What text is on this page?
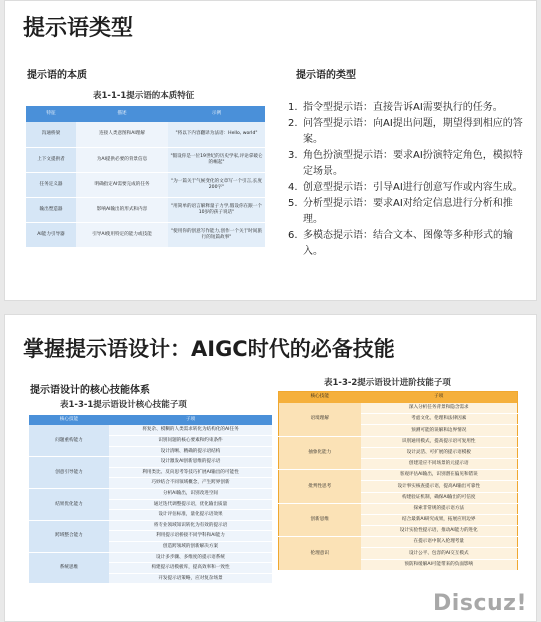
提示语类型
提示语的本质
表1-1-1提示语的本质特征
特征	描述	示例
沟通桥梁	连接人类意图和AI理解	"将以下内容翻译为法语：Hello, world"
上下文提供者	为AI提供必要的背景信息	"假设你是一位19世纪的历史学家,评论拿破仑的崛起"
任务定义器	明确指定AI需要完成的任务	"为一篇关于气候变化的文章写一个引言,长度200字"
输出塑造器	影响AI输出的形式和内容	"用简单的语言解释量子力学,假设你在跟一个10岁的孩子说话"
AI能力引导器	引导AI使用特定的能力或技能	"使用你的创意写作能力,创作一个关于时间旅行的短篇故事"
提示语的类型
1. 指令型提示语：直接告诉AI需要执行的任务。
2. 问答型提示语：向AI提出问题，期望得到相应的答案。
3. 角色扮演型提示语：要求AI扮演特定角色，模拟特定场景。
4. 创意型提示语：引导AI进行创意写作或内容生成。
5. 分析型提示语：要求AI对给定信息进行分析和推理。
6. 多模态提示语：结合文本、图像等多种形式的输入。
掌握提示语设计：AIGC时代的必备技能
提示语设计的核心技能体系
表1-3-1提示语设计核心技能子项
核心技能	子项
问题重构能力	将复杂、模糊的人类需求转化为结构化的AI任务
	识别问题的核心要素和约束条件
	设计清晰、精确的提示语结构
创意引导能力	设计激发AI创新思维的提示语
	利用类比、反向思考等技巧扩展AI输出的可能性
	巧妙结合不同领域概念，产生跨界创新
结果优化能力	分析AI输出，识别改进空间
	通过迭代调整提示语，优化输出质量
	设计评估标准，量化提示语效果
跨域整合能力	将专业领域知识转化为有效的提示语
	利用提示语桥接不同学科和AI能力
	创造跨领域的创新解决方案
系统思维	设计多步骤、多维度的提示语系统
	构建提示语模板库，提高效率和一致性
	开发提示语策略，应对复杂场景
表1-3-2提示语设计进阶技能子项
核心技能	子项
语境理解	深入分析任务背景和隐含需求
	考虑文化、伦理和法律因素
	预测可能的误解和边界情况
抽象化能力	识别通用模式，提高提示语可复用性
	设计灵活、可扩展的提示语模板
	创建适应不同场景的元提示语
批判性思考	客观评估AI输出，识别潜在偏见和错误
	设计事实核查提示语，提高AI输出可靠性
	构建验证机制，确保AI输出的可信度
创新思维	探索非常规的提示语方法
	结合最新AI研究成果，拓展应用边界
	设计实验性提示语，推动AI能力的进化
伦理意识	在提示语中嵌入伦理考量
	设计公平、包容的AI交互模式
	预防和缓解AI可能带来的负面影响
Discuz!
